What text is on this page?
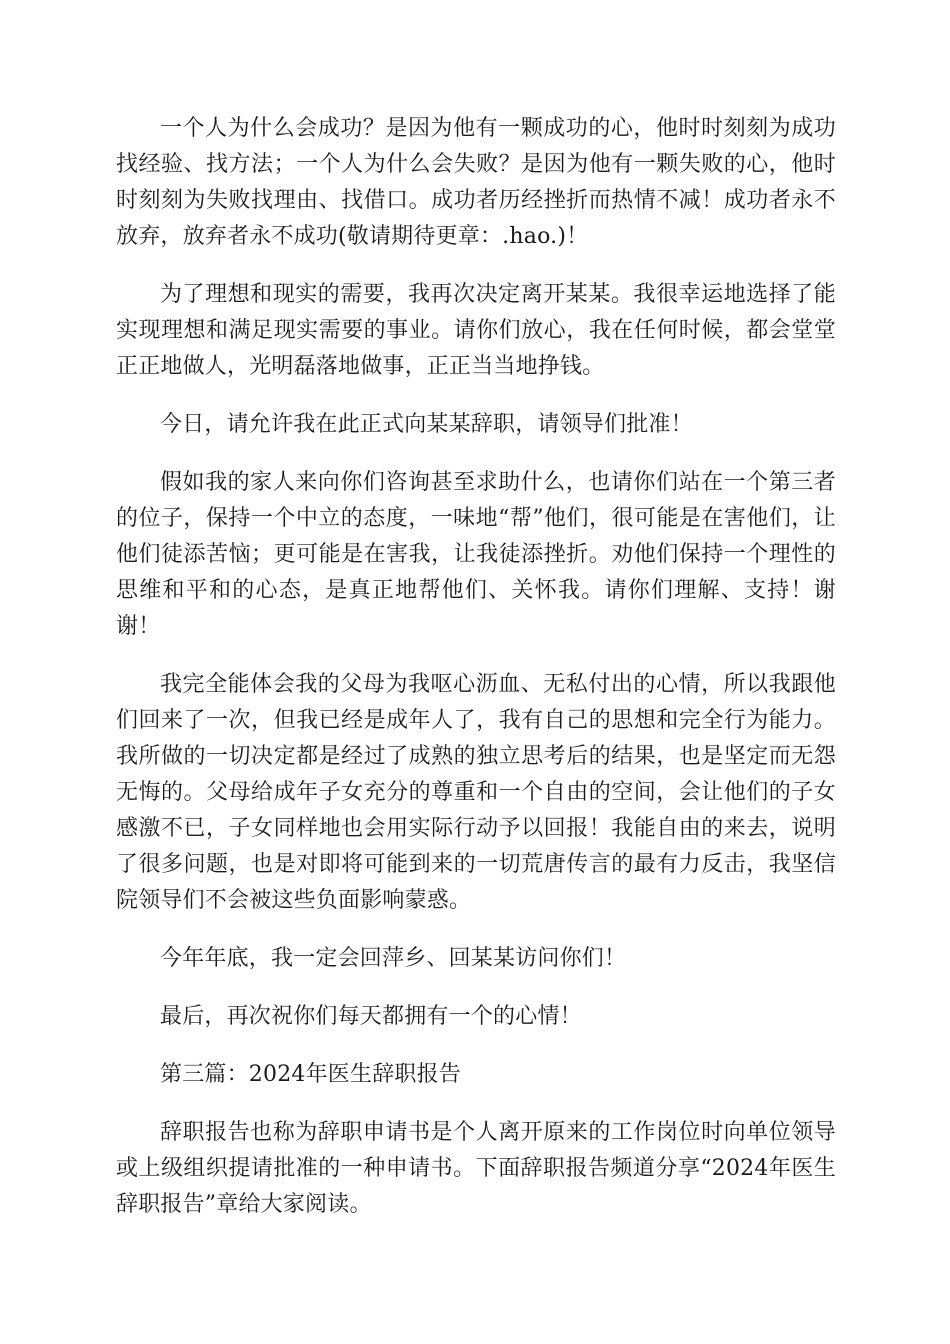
一个人为什么会成功？是因为他有一颗成功的心，他时时刻刻为成功找经验、找方法；一个人为什么会失败？是因为他有一颗失败的心，他时时刻刻为失败找理由、找借口。成功者历经挫折而热情不减！成功者永不放弃，放弃者永不成功(敬请期待更章：.hao.)！

为了理想和现实的需要，我再次决定离开某某。我很幸运地选择了能实现理想和满足现实需要的事业。请你们放心，我在任何时候，都会堂堂正正地做人，光明磊落地做事，正正当当地挣钱。

今日，请允许我在此正式向某某辞职，请领导们批准！

假如我的家人来向你们咨询甚至求助什么，也请你们站在一个第三者的位子，保持一个中立的态度，一味地“帮”他们，很可能是在害他们，让他们徒添苦恼；更可能是在害我，让我徒添挫折。劝他们保持一个理性的思维和平和的心态，是真正地帮他们、关怀我。请你们理解、支持！谢谢！

我完全能体会我的父母为我呕心沥血、无私付出的心情，所以我跟他们回来了一次，但我已经是成年人了，我有自己的思想和完全行为能力。我所做的一切决定都是经过了成熟的独立思考后的结果，也是坚定而无怨无悔的。父母给成年子女充分的尊重和一个自由的空间，会让他们的子女感激不已，子女同样地也会用实际行动予以回报！我能自由的来去，说明了很多问题，也是对即将可能到来的一切荒唐传言的最有力反击，我坚信院领导们不会被这些负面影响蒙惑。

今年年底，我一定会回萍乡、回某某访问你们！

最后，再次祝你们每天都拥有一个的心情！

第三篇：2024年医生辞职报告

辞职报告也称为辞职申请书是个人离开原来的工作岗位时向单位领导或上级组织提请批准的一种申请书。下面辞职报告频道分享“2024年医生辞职报告”章给大家阅读。
